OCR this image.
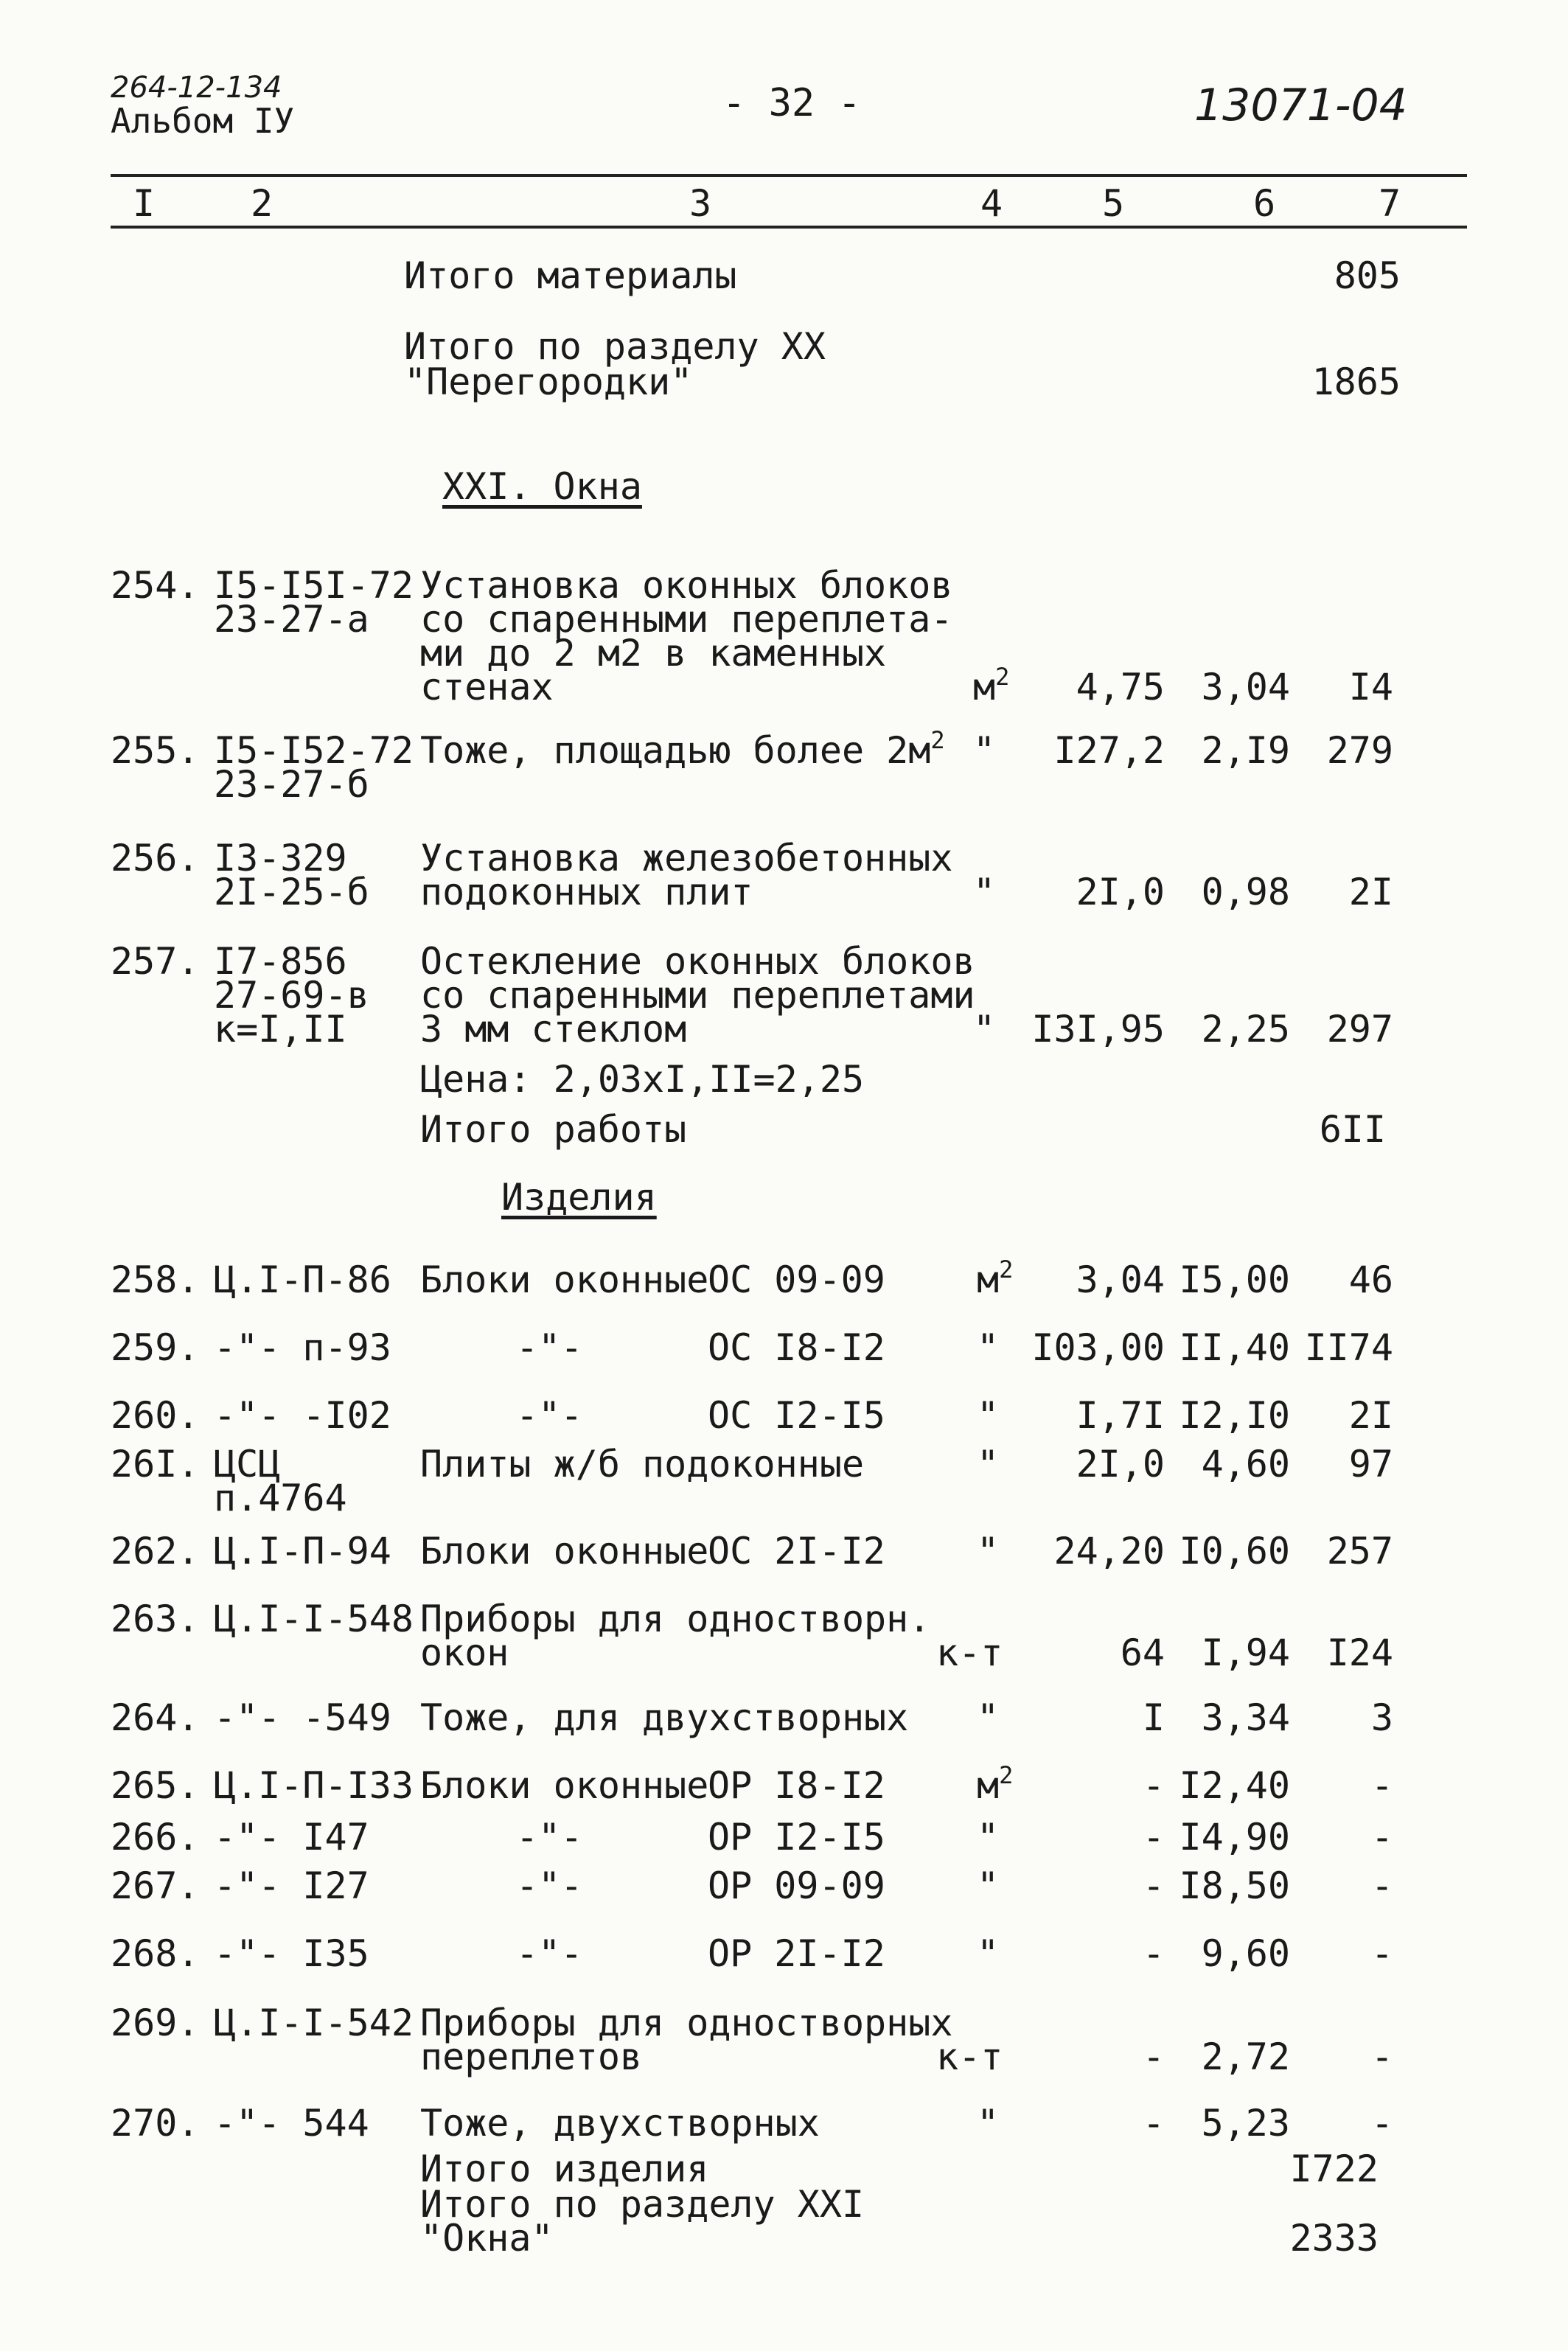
264-12-134
Альбом IУ	- 32 -	13071-04
I	2	3	4	5	6	7
Итого материалы	805
Итого по разделу XX
"Перегородки"	1865
XXI. Окна
254. I5-I5I-72
23-27-а
Установка оконных блоков
со спаренными переплета-
ми до 2 м2 в каменных
стенах	$м^2$	4,75 3,04	I4
255. I5-I52-72
23-27-б
Тоже, площадью более $2м^2$ "	I27,2 2,I9 279
256. I3-329
2I-25-б
Установка железобетонных
подоконных плит	"	2I,0 0,98	2I
257. I7-856
27-69-в
к=I,II
Остекление оконных блоков
со спаренными переплетами
3 мм стеклом	" I3I,95 2,25 297
Цена: 2,03хI,II=2,25
Итого работы	6II
Изделия
258. Ц.I-П-86 Блоки оконные
ОС 09-09 $м^2$	3,04 I5,00	46
259. -"- п-93	-"-	ОС I8-I2 " I03,00 II,40 II74
260. -"- -I02	-"-	ОС I2-I5 "	I,7I I2,I0	2I
26I. ЦСЦ
п.4764
Плиты ж/б подоконные	"	2I,0 4,60	97
262. Ц.I-П-94 Блоки оконные
ОС 2I-I2 "	24,20 I0,60 257
263. Ц.I-I-548 Приборы для одностворн.
окон	к-т	64 I,94 I24
264. -"- -549 Тоже, для двухстворных "	I 3,34	3
265. Ц.I-П-I33 Блоки оконные
ОР I8-I2 $м^2$	- I2,40	-
266. -"- I47	-"-	ОР I2-I5 "	- I4,90	-
267. -"- I27	-"-	ОР 09-09 "	- I8,50	-
268. -"- I35	-"-	ОР 2I-I2 "	- 9,60	-
269. Ц.I-I-542 Приборы для одностворных
переплетов	к-т	- 2,72	-
270. -"- 544 Тоже, двухстворных	"	- 5,23	-
Итого изделия	I722
Итого по разделу XXI
"Окна"	2333
